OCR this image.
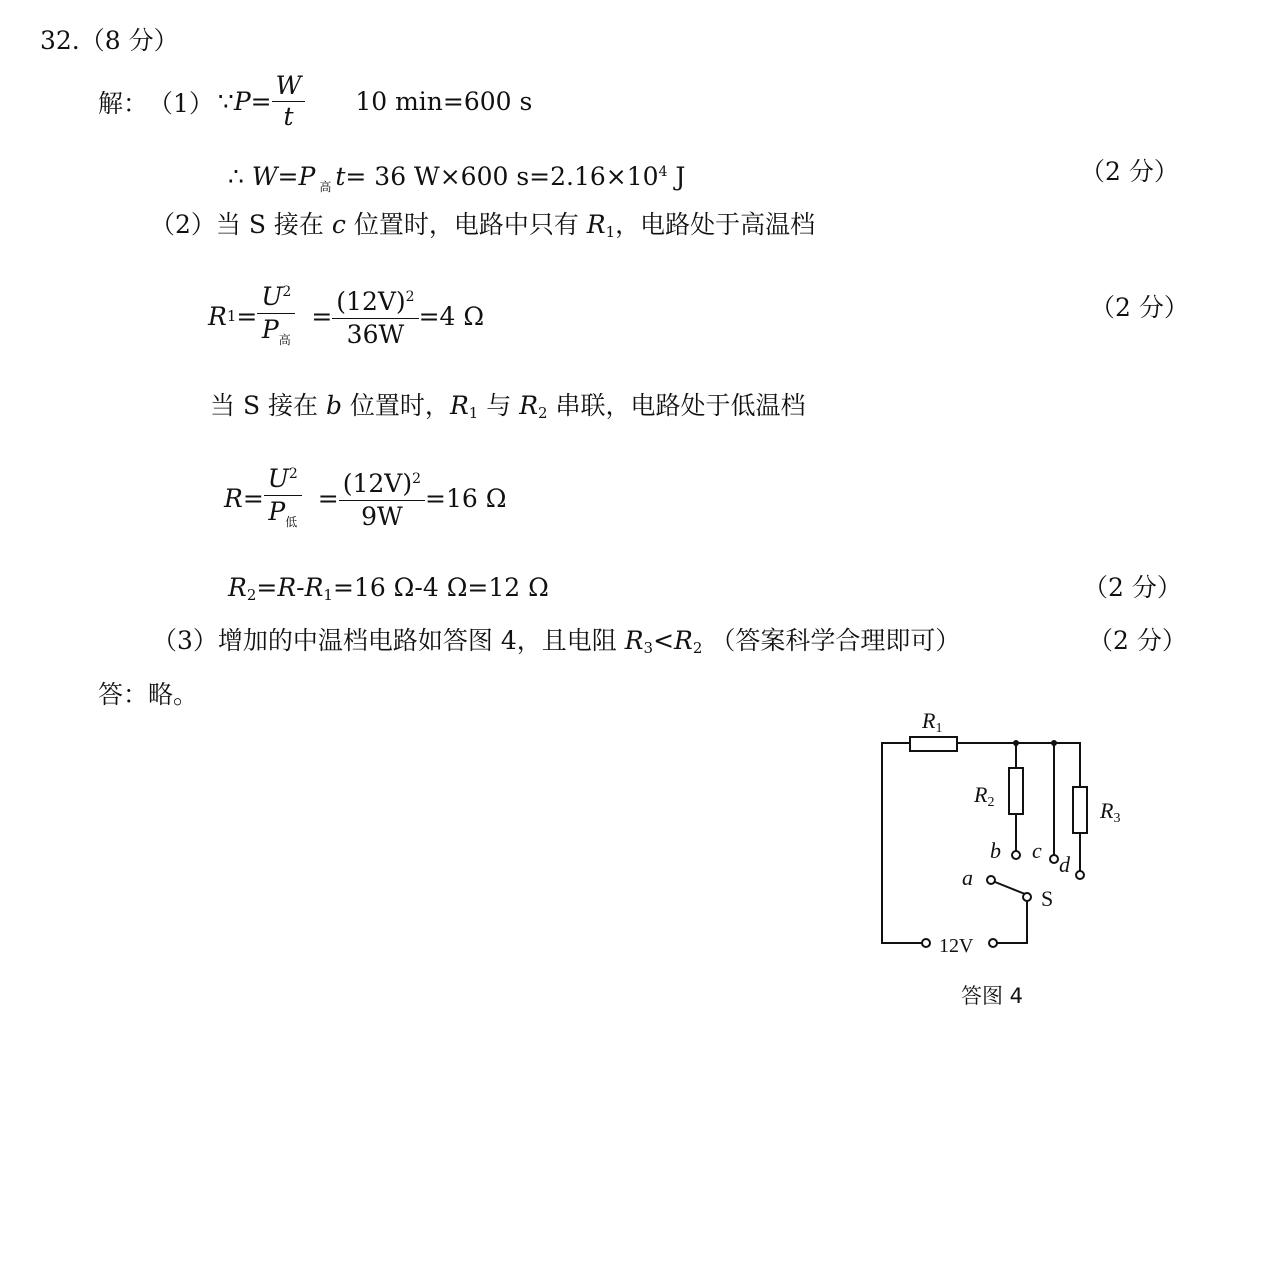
32.（8 分）
解： （1） ∵ $P= \frac{W}{t} 10$ min=600 s
∴ W=P $_高$ t= 36 W×600 $s=2.16\times 10^4$ J	（2 分）
（2）当 S 接在 c 位置时，电路中只有 $R_1$，电路处于高温档
R $1 = \frac{U^2}{P_高} = \frac{(12V)^2}{36W} =4$ Ω	（2 分）
当 S 接在 b 位置时，$R_1$ 与 $R_2$ 串联，电路处于低温档
$R= \frac{U^2}{P_低} = \frac{(12V)^2}{9W} =16$ Ω
$R_2=R-R_1=16$ Ω-4 Ω=12 Ω	（2 分）
（3）增加的中温档电路如答图 4，且电阻 $R_3<R_2$ （答案科学合理即可）	（2 分）
答：略。
R1
R2	R3
b c
d
a
S
12V
答图 4
